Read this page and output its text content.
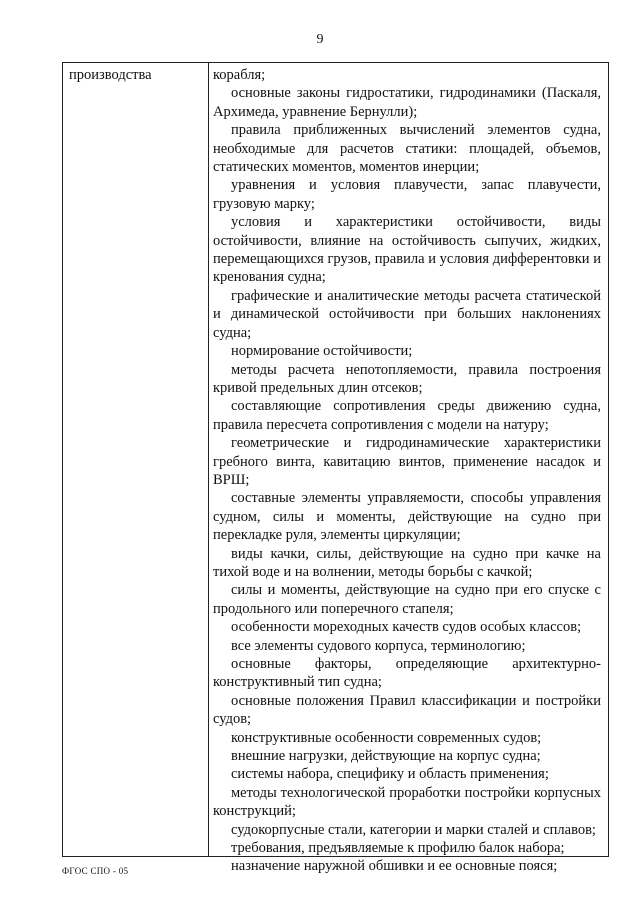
9
производства	корабля;

основные законы гидростатики, гидродинамики (Паскаля, Архимеда, уравнение Бернулли);

правила приближенных вычислений элементов судна, необходимые для расчетов статики: площадей, объемов, статических моментов, моментов инерции;

уравнения и условия плавучести, запас плавучести, грузовую марку;

условия и характеристики остойчивости, виды остойчивости, влияние на остойчивость сыпучих, жидких, перемещающихся грузов, правила и условия дифферентовки и кренования судна;

графические и аналитические методы расчета статической и динамической остойчивости при больших наклонениях судна;

нормирование остойчивости;

методы расчета непотопляемости, правила построения кривой предельных длин отсеков;

составляющие сопротивления среды движению судна, правила пересчета сопротивления с модели на натуру;

геометрические и гидродинамические характеристики гребного винта, кавитацию винтов, применение насадок и ВРШ;

составные элементы управляемости, способы управления судном, силы и моменты, действующие на судно при перекладке руля, элементы циркуляции;

виды качки, силы, действующие на судно при качке на тихой воде и на волнении, методы борьбы с качкой;

силы и моменты, действующие на судно при его спуске с продольного или поперечного стапеля;

особенности мореходных качеств судов особых классов;

все элементы судового корпуса, терминологию;

основные факторы, определяющие архитектурно-конструктивный тип судна;

основные положения Правил классификации и постройки судов;

конструктивные особенности современных судов;

внешние нагрузки, действующие на корпус судна;

системы набора, специфику и область применения;

методы технологической проработки постройки корпусных конструкций;

судокорпусные стали, категории и марки сталей и сплавов;

требования, предъявляемые к профилю балок набора;

назначение наружной обшивки и ее основные пояся;

ФГОС СПО - 05
